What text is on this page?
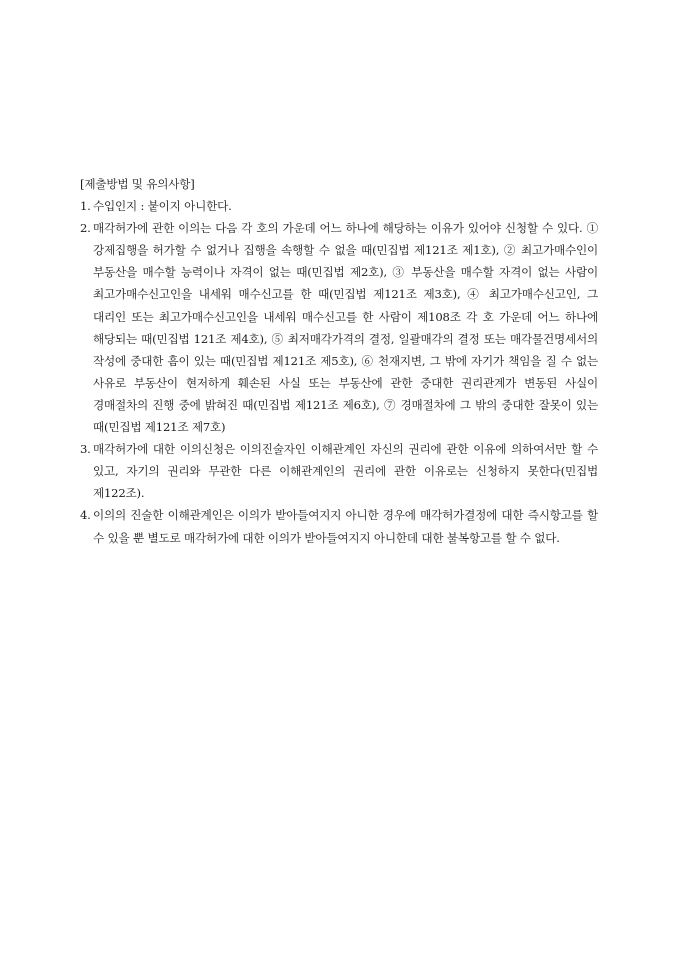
[제출방법 및 유의사항]

1. 수입인지 : 붙이지 아니한다.
2. 매각허가에 관한 이의는 다음 각 호의 가운데 어느 하나에 해당하는 이유가 있어야 신청할 수 있다. ① 강제집행을 허가할 수 없거나 집행을 속행할 수 없을 때(민집법 제121조 제1호), ② 최고가매수인이 부동산을 매수할 능력이나 자격이 없는 때(민집법 제2호), ③ 부동산을 매수할 자격이 없는 사람이 최고가매수신고인을 내세워 매수신고를 한 때(민집법 제121조 제3호), ④ 최고가매수신고인, 그 대리인 또는 최고가매수신고인을 내세워 매수신고를 한 사람이 제108조 각 호 가운데 어느 하나에 해당되는 때(민집법 121조 제4호), ⑤ 최저매각가격의 결정, 일괄매각의 결정 또는 매각물건명세서의 작성에 중대한 흠이 있는 때(민집법 제121조 제5호), ⑥ 천재지변, 그 밖에 자기가 책임을 질 수 없는 사유로 부동산이 현저하게 훼손된 사실 또는 부동산에 관한 중대한 권리관계가 변동된 사실이 경매절차의 진행 중에 밝혀진 때(민집법 제121조 제6호), ⑦ 경매절차에 그 밖의 중대한 잘못이 있는 때(민집법 제121조 제7호)
3. 매각허가에 대한 이의신청은 이의진술자인 이해관계인 자신의 권리에 관한 이유에 의하여서만 할 수 있고, 자기의 권리와 무관한 다른 이해관계인의 권리에 관한 이유로는 신청하지 못한다(민집법 제122조).
4. 이의의 진술한 이해관계인은 이의가 받아들여지지 아니한 경우에 매각허가결정에 대한 즉시항고를 할 수 있을 뿐 별도로 매각허가에 대한 이의가 받아들여지지 아니한데 대한 불복항고를 할 수 없다.
